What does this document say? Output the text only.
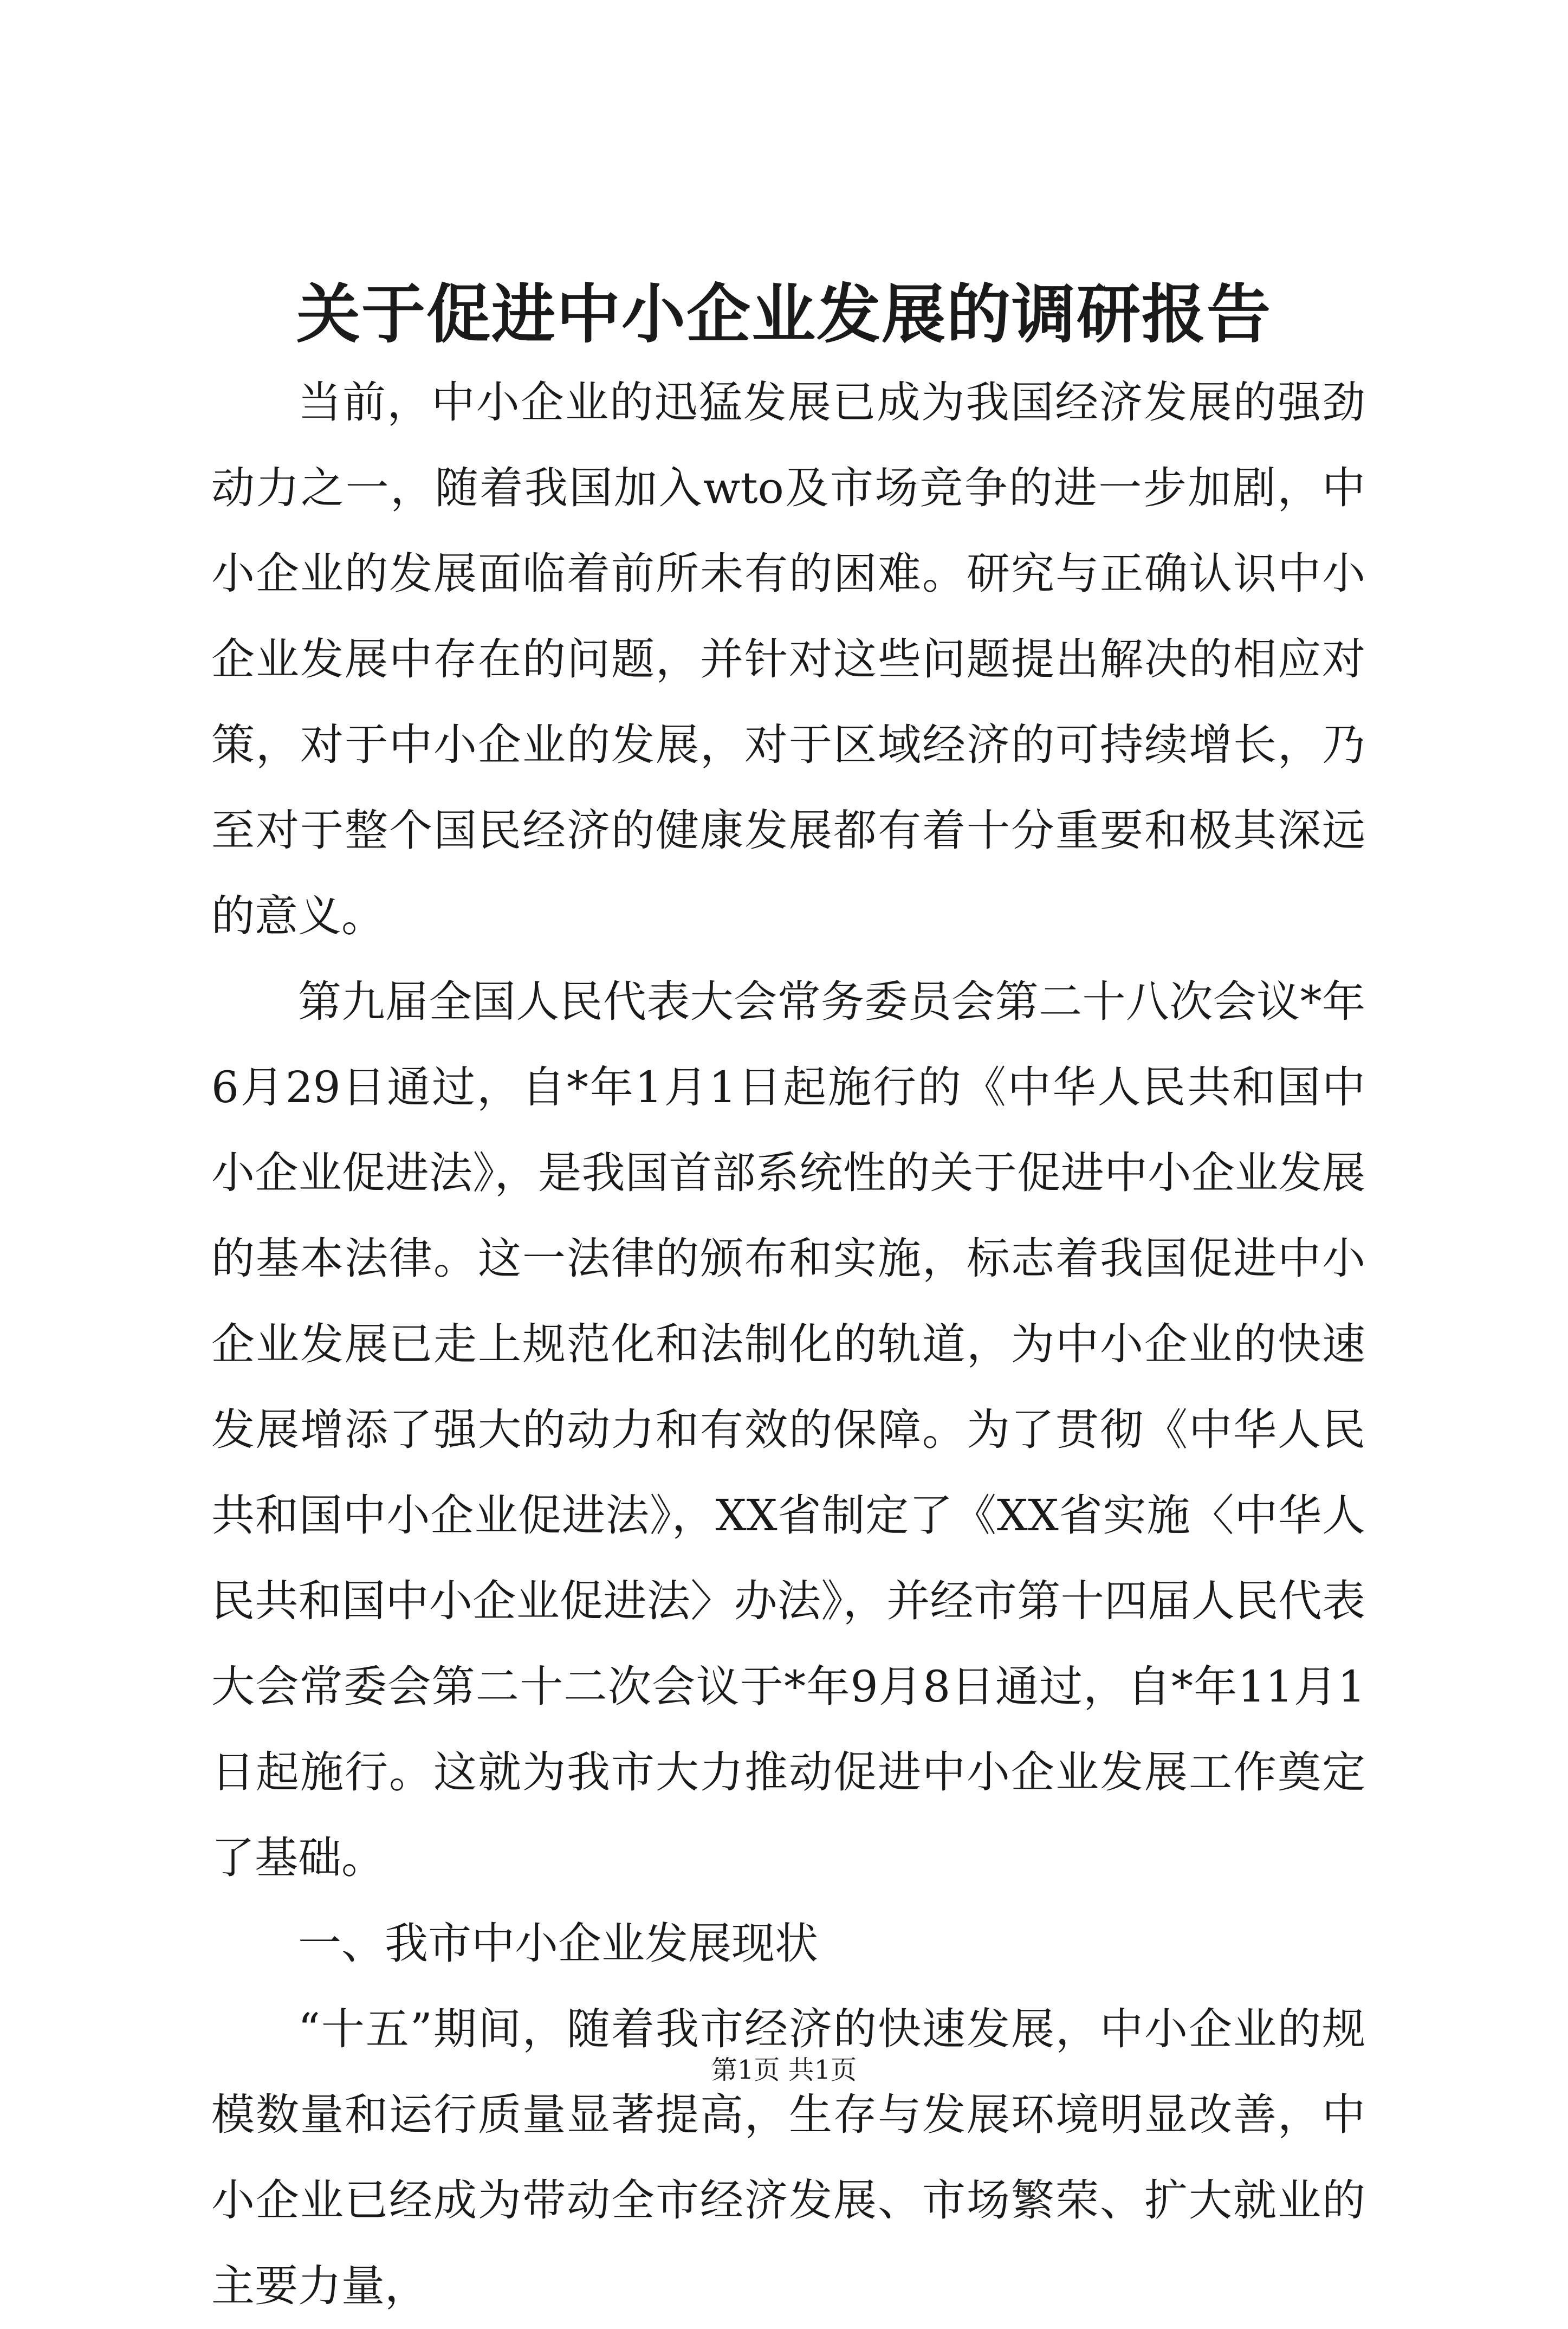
关于促进中小企业发展的调研报告

当前，中小企业的迅猛发展已成为我国经济发展的强劲动力之一，随着我国加入wto及市场竞争的进一步加剧，中小企业的发展面临着前所未有的困难。研究与正确认识中小企业发展中存在的问题，并针对这些问题提出解决的相应对策，对于中小企业的发展，对于区域经济的可持续增长，乃至对于整个国民经济的健康发展都有着十分重要和极其深远的意义。

第九届全国人民代表大会常务委员会第二十八次会议*年6月29日通过，自*年1月1日起施行的《中华人民共和国中小企业促进法》，是我国首部系统性的关于促进中小企业发展的基本法律。这一法律的颁布和实施，标志着我国促进中小企业发展已走上规范化和法制化的轨道，为中小企业的快速发展增添了强大的动力和有效的保障。为了贯彻《中华人民共和国中小企业促进法》，XX省制定了《XX省实施〈中华人民共和国中小企业促进法〉办法》，并经市第十四届人民代表大会常委会第二十二次会议于*年9月8日通过，自*年11月1日起施行。这就为我市大力推动促进中小企业发展工作奠定了基础。

一、我市中小企业发展现状

“十五”期间，随着我市经济的快速发展，中小企业的规模数量和运行质量显著提高，生存与发展环境明显改善，中小企业已经成为带动全市经济发展、市场繁荣、扩大就业的主要力量，

第1页 共1页
